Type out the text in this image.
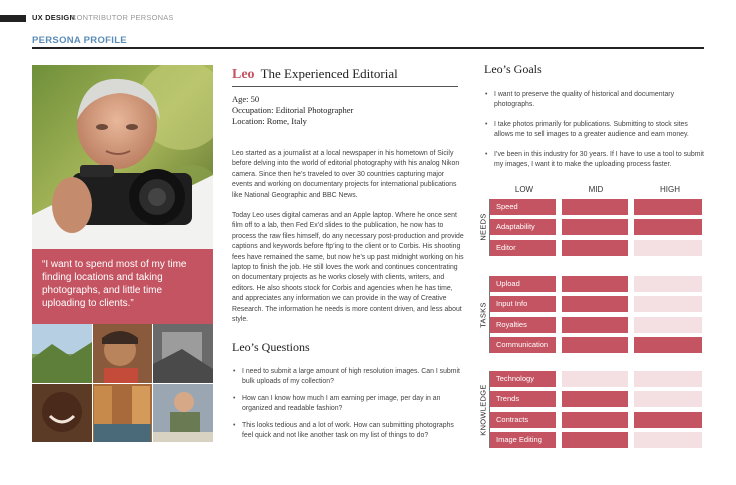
UX DESIGN
CONTRIBUTOR PERSONAS
PERSONA PROFILE
“I want to spend most of my time finding locations and taking photographs, and little time uploading to clients.”
Leo The Experienced Editorial
Age: 50
Occupation: Editorial Photographer
Location: Rome, Italy

Leo started as a journalist at a local newspaper in his hometown of Sicily before delving into the world of editorial photography with his analog Nikon camera. Since then he’s traveled to over 30 countries capturing major events and working on documentary projects for international publications like National Geographic and BBC News.

Today Leo uses digital cameras and an Apple laptop. Where he once sent film off to a lab, then Fed Ex’d slides to the publication, he now has to process the raw files himself, do any necessary post-production and provide captions and keywords before ftp’ing to the client or to Corbis. His shooting fees have remained the same, but now he’s up past midnight working on his laptop to finish the job. He still loves the work and continues concentrating on documentary projects as he works closely with clients, writers, and editors. He also shoots stock for Corbis and agencies when he has time, and appreciates any information we can provide in the way of Creative Research. The information he needs is more content driven, and less about style.

Leo’s Questions
• I need to submit a large amount of high resolution images. Can I submit bulk uploads of my collection?
• How can I know how much I am earning per image, per day in an organized and readable fashion?
• This looks tedious and a lot of work. How can submitting photographs feel quick and not like another task on my list of things to do?
Leo’s Goals
• I want to preserve the quality of historical and documentary photographs.
• I take photos primarily for publications. Submitting to stock sites allows me to sell images to a greater audience and earn money.
• I’ve been in this industry for 30 years. If I have to use a tool to submit my images, I want it to make the uploading process faster.
LOW	MID	HIGH
NEEDS
Speed
Adaptability
Editor
TASKS
Upload
Input Info
Royalties
Communication
KNOWLEDGE
Technology
Trends
Contracts
Image Editing
